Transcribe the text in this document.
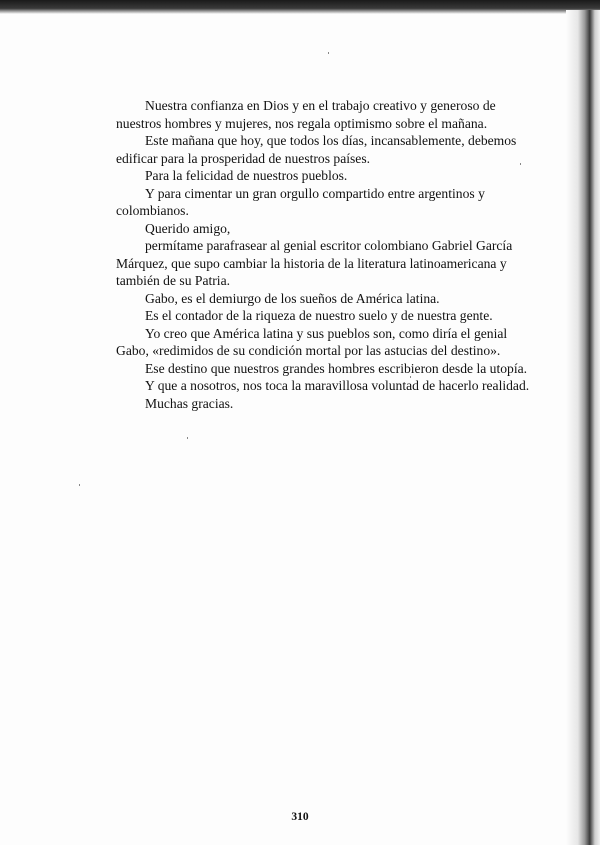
Nuestra confianza en Dios y en el trabajo creativo y generoso de

nuestros hombres y mujeres, nos regala optimismo sobre el mañana.

Este mañana que hoy, que todos los días, incansablemente, debemos

edificar para la prosperidad de nuestros países.

Para la felicidad de nuestros pueblos.

Y para cimentar un gran orgullo compartido entre argentinos y

colombianos.

Querido amigo,

permítame parafrasear al genial escritor colombiano Gabriel García

Márquez, que supo cambiar la historia de la literatura latinoamericana y

también de su Patria.

Gabo, es el demiurgo de los sueños de América latina.

Es el contador de la riqueza de nuestro suelo y de nuestra gente.

Yo creo que América latina y sus pueblos son, como diría el genial

Gabo, «redimidos de su condición mortal por las astucias del destino».

Ese destino que nuestros grandes hombres escribieron desde la utopía.

Y que a nosotros, nos toca la maravillosa voluntad de hacerlo realidad.

Muchas gracias.

310
